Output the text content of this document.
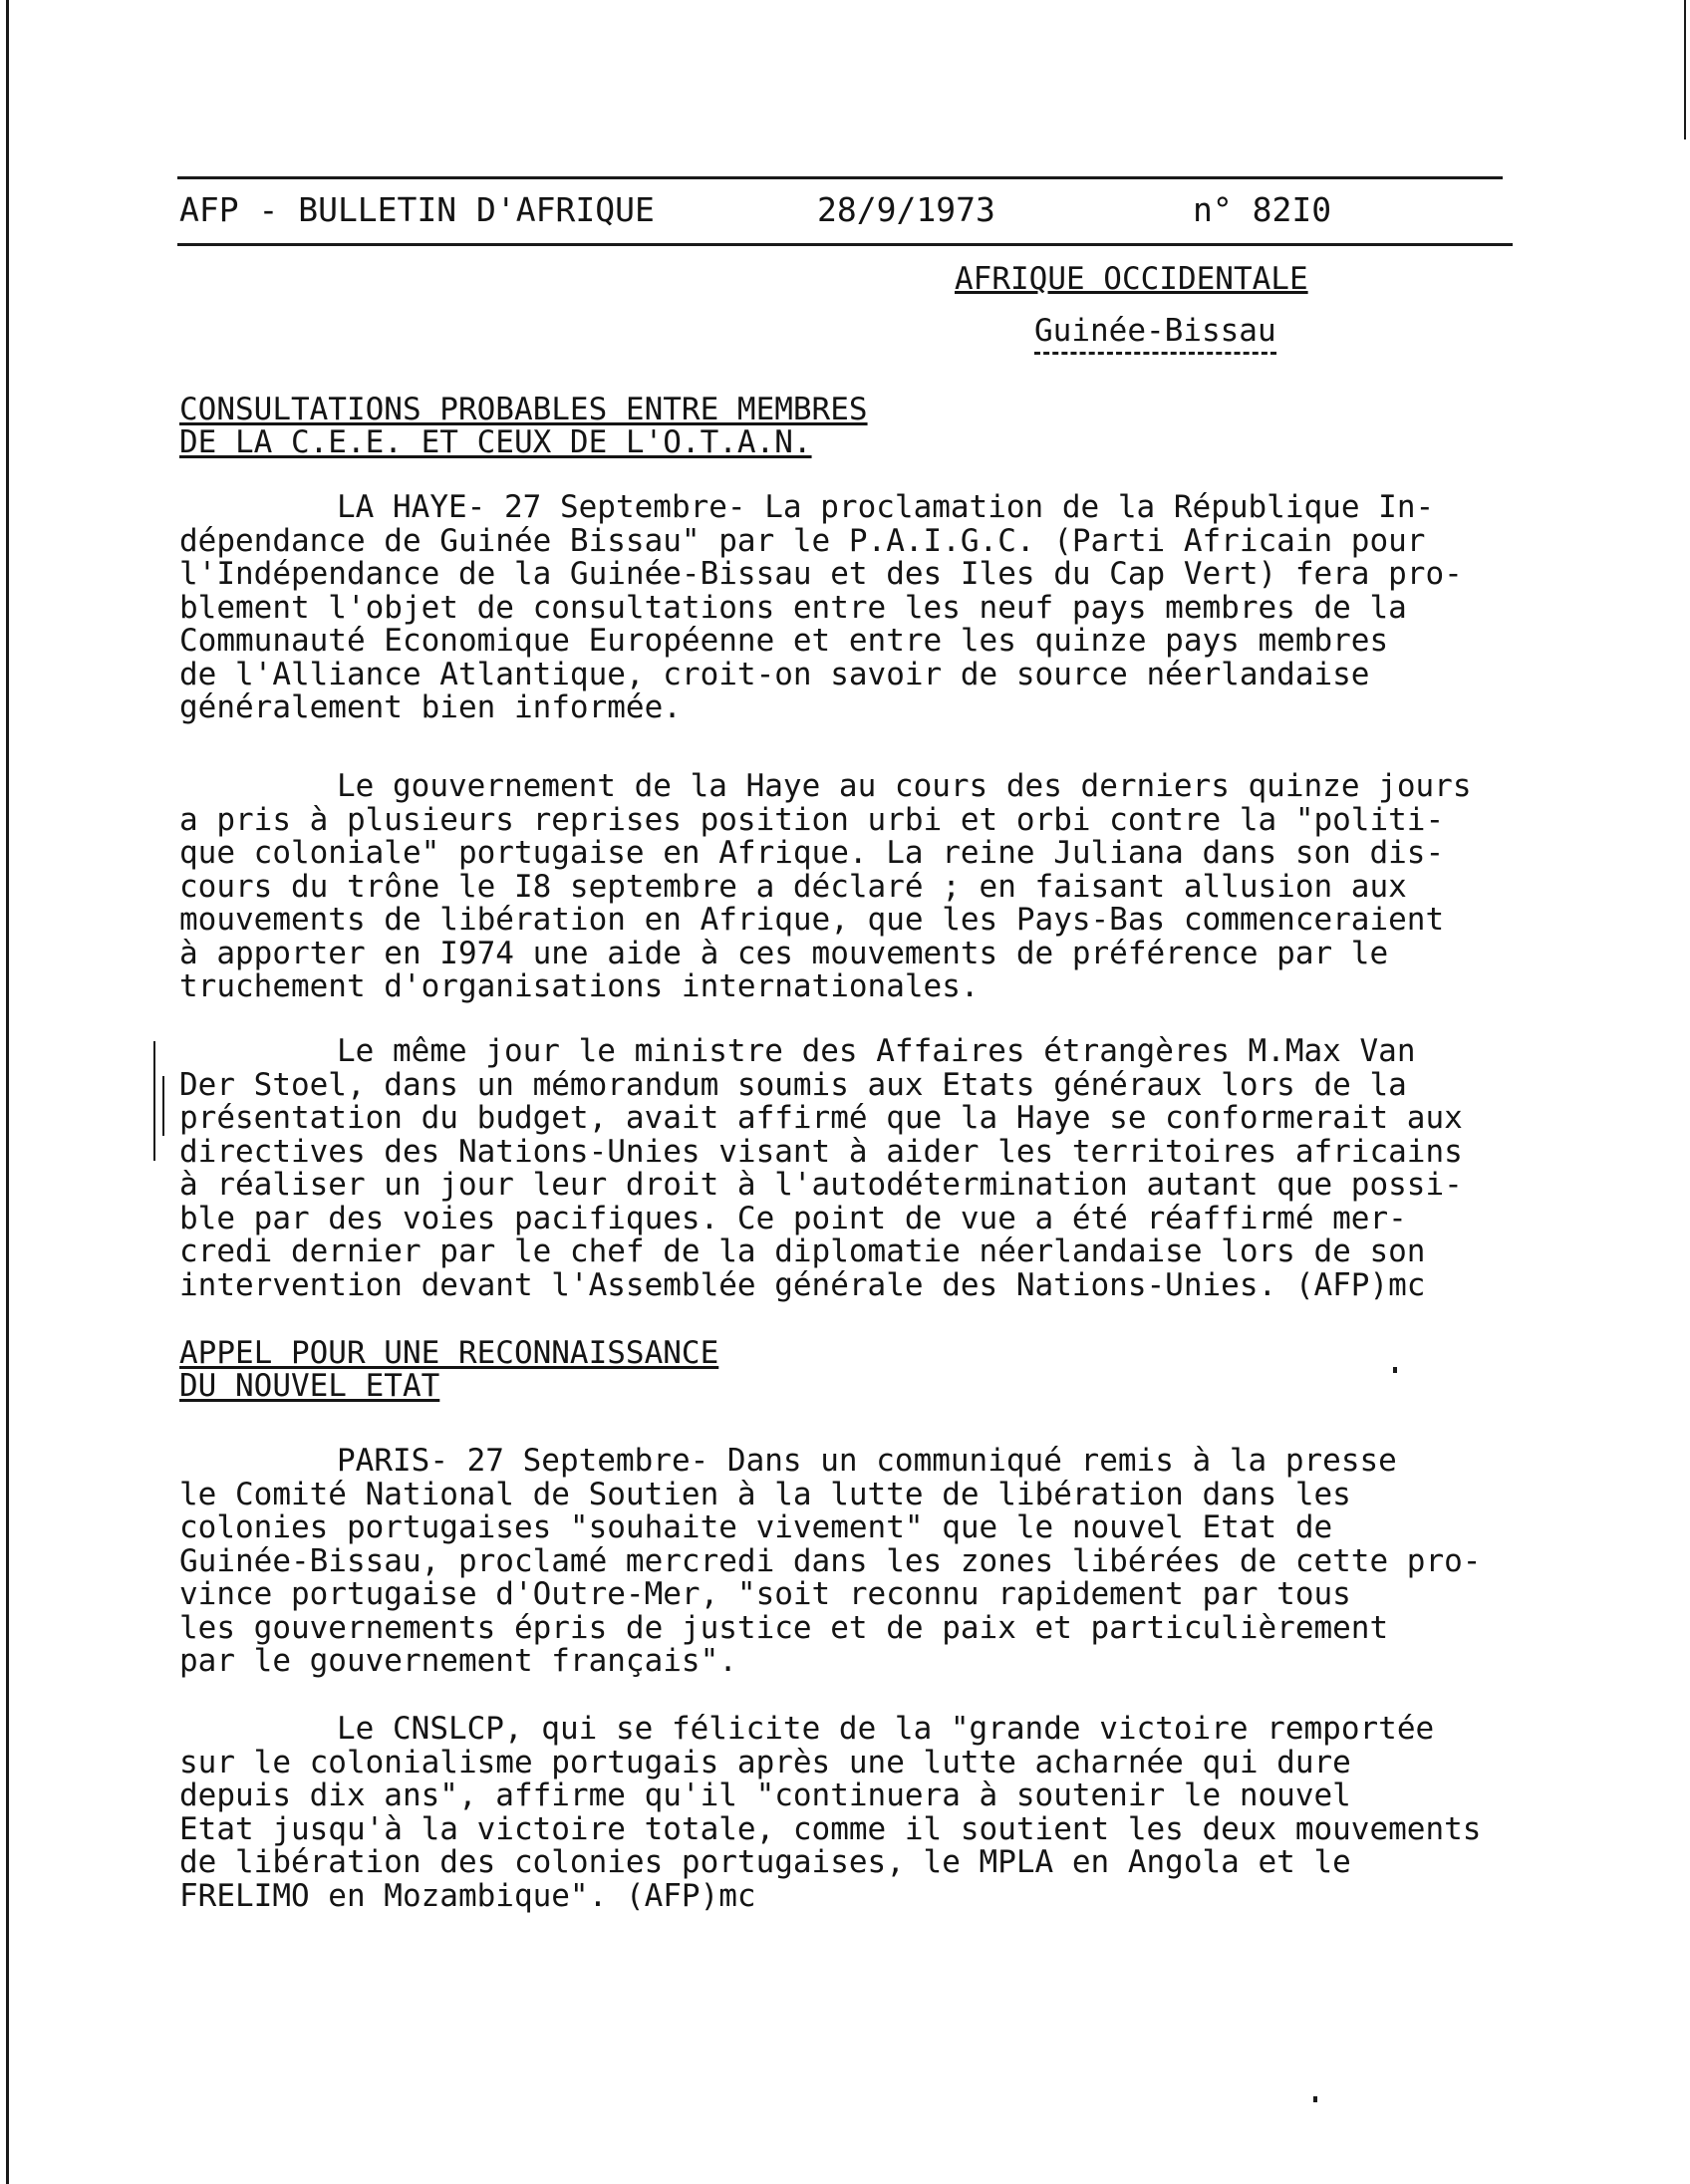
AFP - BULLETIN D'AFRIQUE	28/9/1973	n° 82I0
AFRIQUE OCCIDENTALE
Guinée-Bissau
CONSULTATIONS PROBABLES ENTRE MEMBRES
DE LA C.E.E. ET CEUX DE L'O.T.A.N.
LA HAYE- 27 Septembre- La proclamation de la République In-
dépendance de Guinée Bissau" par le P.A.I.G.C. (Parti Africain pour
l'Indépendance de la Guinée-Bissau et des Iles du Cap Vert) fera pro-
blement l'objet de consultations entre les neuf pays membres de la
Communauté Economique Européenne et entre les quinze pays membres
de l'Alliance Atlantique, croit-on savoir de source néerlandaise
généralement bien informée.
Le gouvernement de la Haye au cours des derniers quinze jours
a pris à plusieurs reprises position urbi et orbi contre la "politi-
que coloniale" portugaise en Afrique. La reine Juliana dans son dis-
cours du trône le I8 septembre a déclaré ; en faisant allusion aux
mouvements de libération en Afrique, que les Pays-Bas commenceraient
à apporter en I974 une aide à ces mouvements de préférence par le
truchement d'organisations internationales.
Le même jour le ministre des Affaires étrangères M.Max Van
Der Stoel, dans un mémorandum soumis aux Etats généraux lors de la
présentation du budget, avait affirmé que la Haye se conformerait aux
directives des Nations-Unies visant à aider les territoires africains
à réaliser un jour leur droit à l'autodétermination autant que possi-
ble par des voies pacifiques. Ce point de vue a été réaffirmé mer-
credi dernier par le chef de la diplomatie néerlandaise lors de son
intervention devant l'Assemblée générale des Nations-Unies. (AFP)mc
APPEL POUR UNE RECONNAISSANCE
DU NOUVEL ETAT
PARIS- 27 Septembre- Dans un communiqué remis à la presse
le Comité National de Soutien à la lutte de libération dans les
colonies portugaises "souhaite vivement" que le nouvel Etat de
Guinée-Bissau, proclamé mercredi dans les zones libérées de cette pro-
vince portugaise d'Outre-Mer, "soit reconnu rapidement par tous
les gouvernements épris de justice et de paix et particulièrement
par le gouvernement français".
Le CNSLCP, qui se félicite de la "grande victoire remportée
sur le colonialisme portugais après une lutte acharnée qui dure
depuis dix ans", affirme qu'il "continuera à soutenir le nouvel
Etat jusqu'à la victoire totale, comme il soutient les deux mouvements
de libération des colonies portugaises, le MPLA en Angola et le
FRELIMO en Mozambique". (AFP)mc
